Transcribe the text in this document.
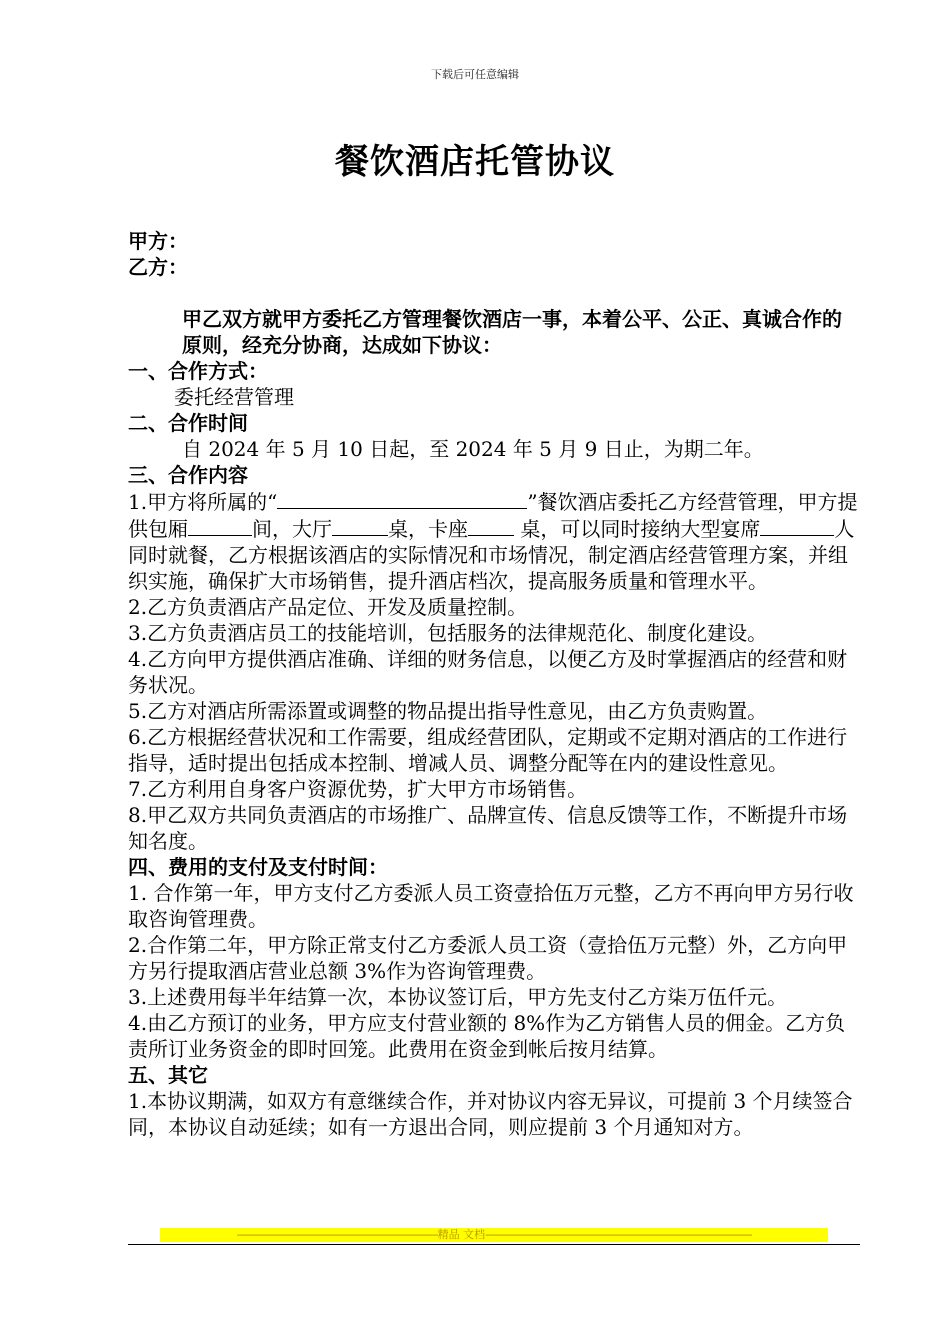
下载后可任意编辑
餐饮酒店托管协议
甲方：
乙方：
甲乙双方就甲方委托乙方管理餐饮酒店一事，本着公平、公正、真诚合作的原则，经充分协商，达成如下协议：
一、合作方式：
委托经营管理
二、合作时间
自 2024 年 5 月 10 日起，至 2024 年 5 月 9 日止，为期二年。
三、合作内容
1.甲方将所属的“	”餐饮酒店委托乙方经营管理，甲方提供包厢	间，大厅	桌，卡座 桌，可以同时接纳大型宴席	人同时就餐，乙方根据该酒店的实际情况和市场情况，制定酒店经营管理方案，并组织实施，确保扩大市场销售，提升酒店档次，提高服务质量和管理水平。
2.乙方负责酒店产品定位、开发及质量控制。
3.乙方负责酒店员工的技能培训，包括服务的法律规范化、制度化建设。
4.乙方向甲方提供酒店准确、详细的财务信息，以便乙方及时掌握酒店的经营和财务状况。
5.乙方对酒店所需添置或调整的物品提出指导性意见，由乙方负责购置。
6.乙方根据经营状况和工作需要，组成经营团队，定期或不定期对酒店的工作进行指导，适时提出包括成本控制、增减人员、调整分配等在内的建设性意见。
7.乙方利用自身客户资源优势，扩大甲方市场销售。
8.甲乙双方共同负责酒店的市场推广、品牌宣传、信息反馈等工作，不断提升市场知名度。
四、费用的支付及支付时间：
1. 合作第一年，甲方支付乙方委派人员工资壹拾伍万元整，乙方不再向甲方另行收取咨询管理费。
2.合作第二年，甲方除正常支付乙方委派人员工资（壹拾伍万元整）外，乙方向甲方另行提取酒店营业总额 3%作为咨询管理费。
3.上述费用每半年结算一次，本协议签订后，甲方先支付乙方柒万伍仟元。
4.由乙方预订的业务，甲方应支付营业额的 8%作为乙方销售人员的佣金。乙方负责所订业务资金的即时回笼。此费用在资金到帐后按月结算。
五、其它
1.本协议期满，如双方有意继续合作，并对协议内容无异议，可提前 3 个月续签合同，本协议自动延续；如有一方退出合同，则应提前 3 个月通知对方。
--------------------------------------------------------------------------精品 文档--------------------------------------------------------------------------------------------------
